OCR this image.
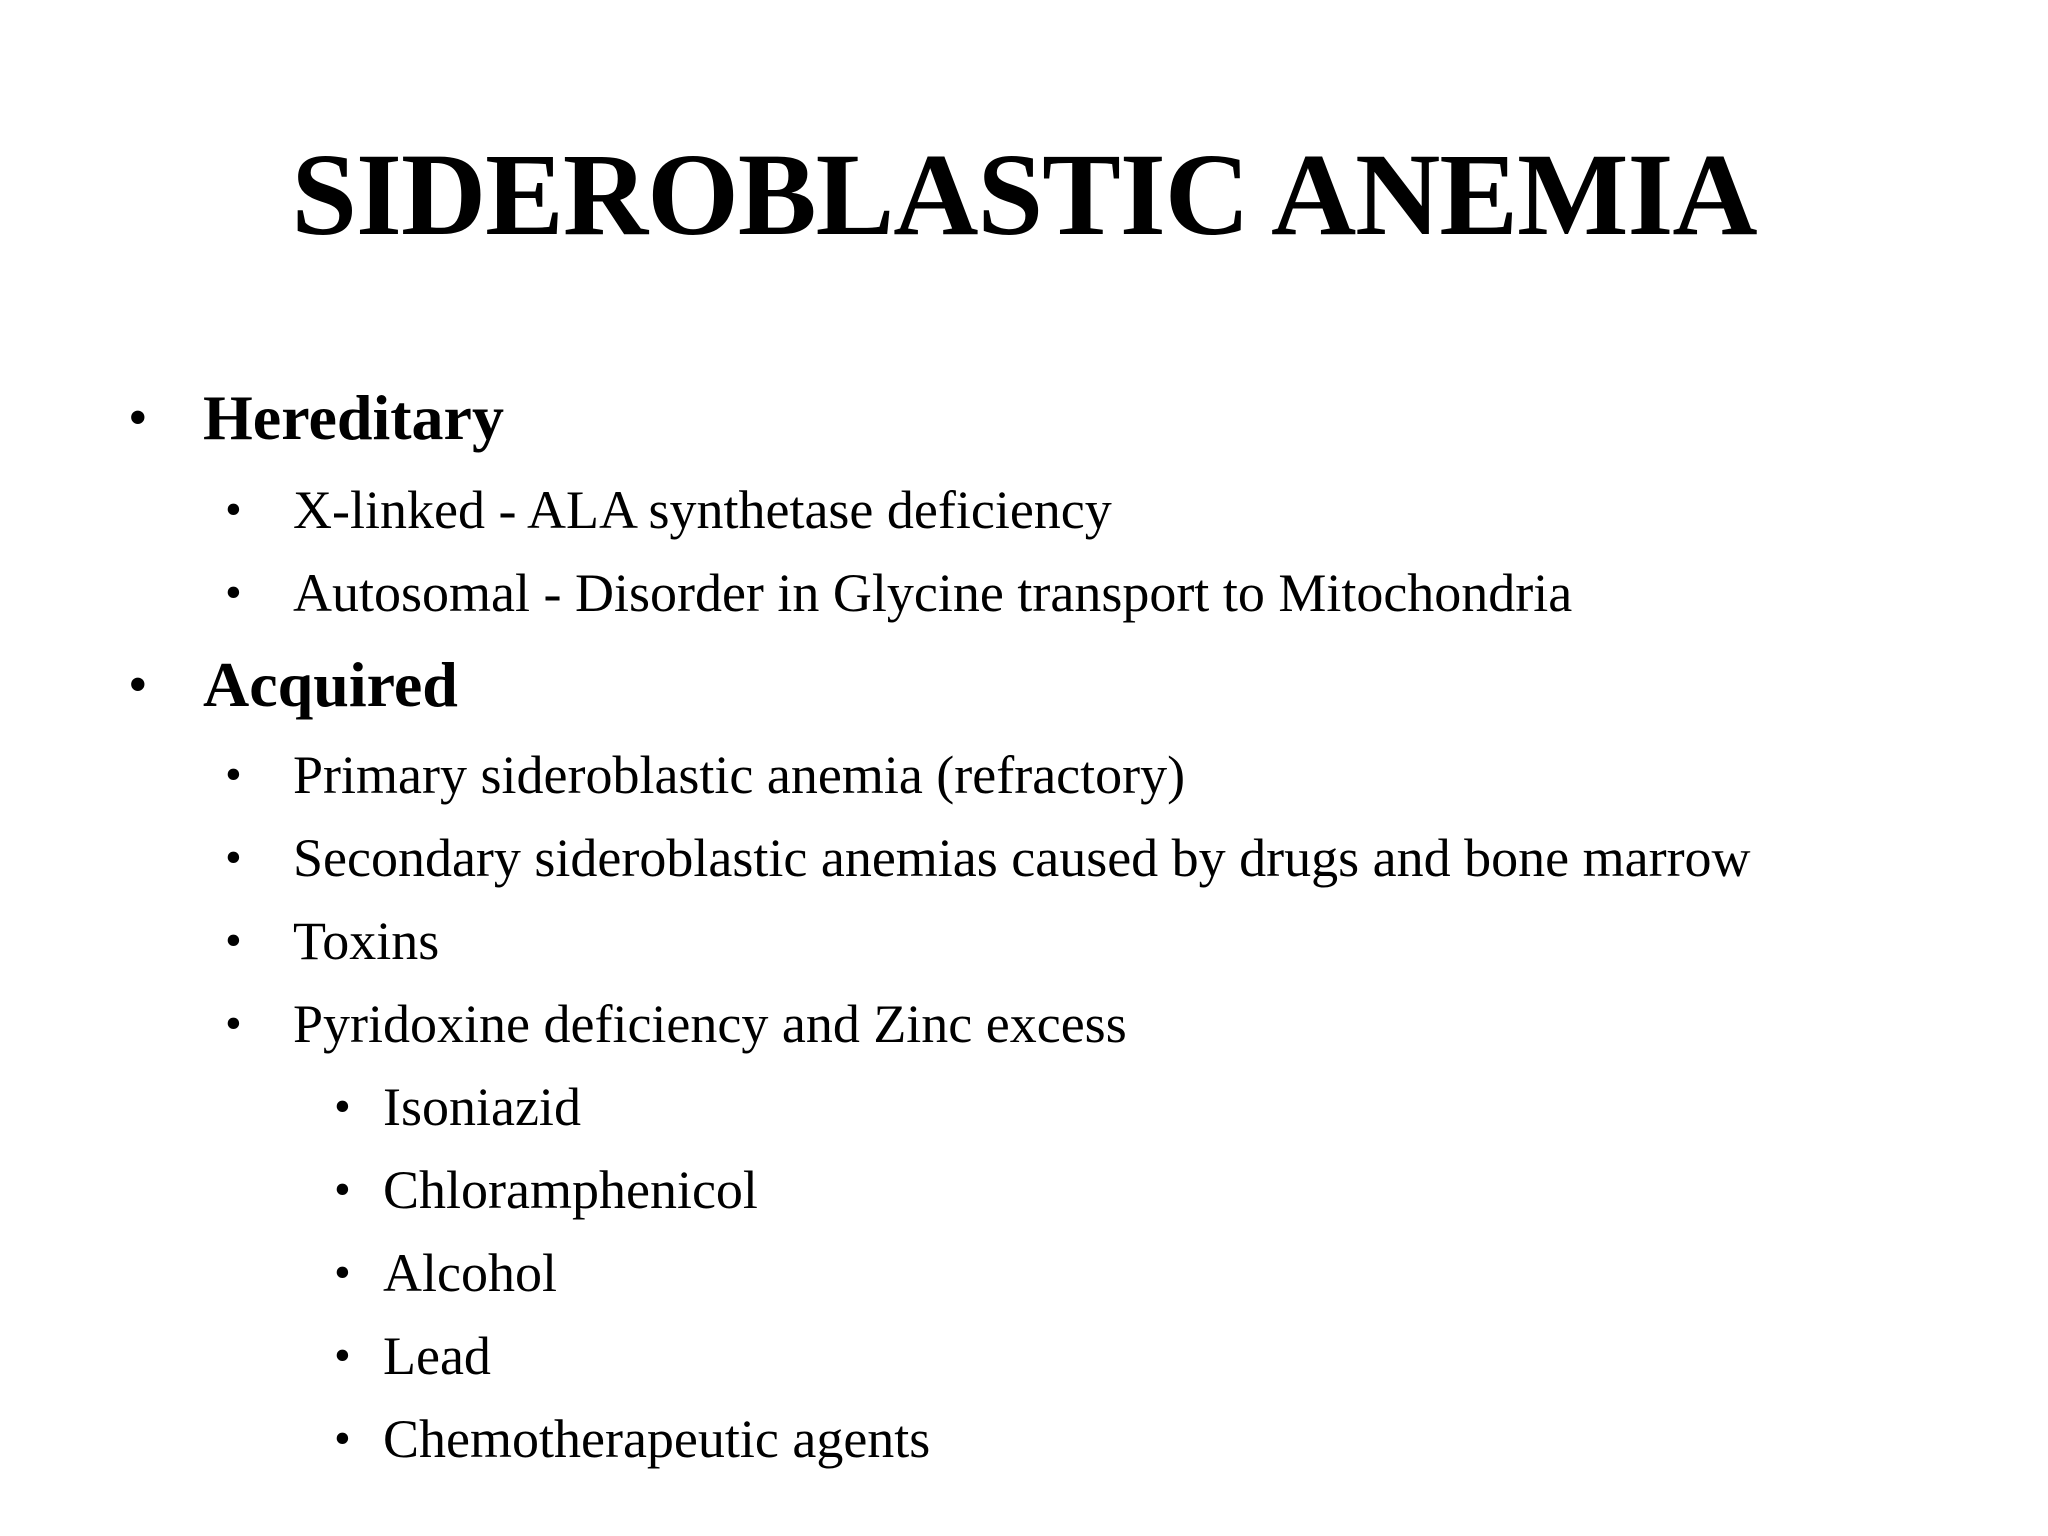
SIDEROBLASTIC ANEMIA
• Hereditary
• X-linked - ALA synthetase deficiency
• Autosomal - Disorder in Glycine transport to Mitochondria
• Acquired
• Primary sideroblastic anemia (refractory)
• Secondary sideroblastic anemias caused by drugs and bone marrow
• Toxins
• Pyridoxine deficiency and Zinc excess
• Isoniazid
• Chloramphenicol
• Alcohol
• Lead
• Chemotherapeutic agents
